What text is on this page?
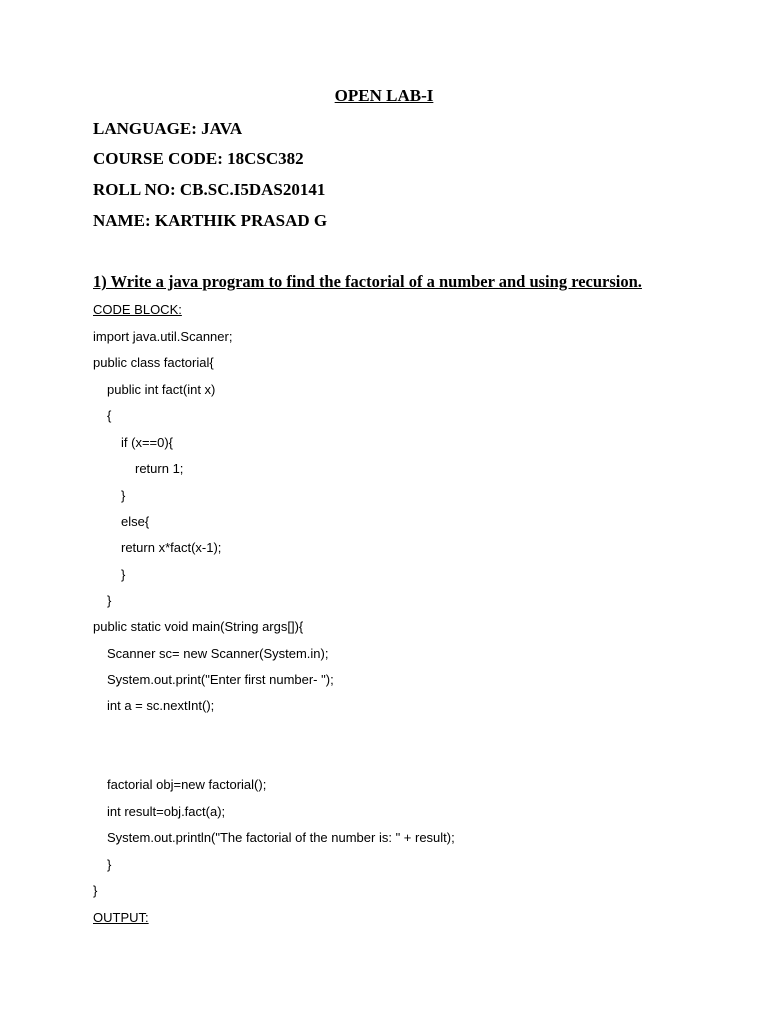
OPEN LAB-I
LANGUAGE: JAVA
COURSE CODE: 18CSC382
ROLL NO: CB.SC.I5DAS20141
NAME: KARTHIK PRASAD G
1) Write a java program to find the factorial of a number and using recursion.
CODE BLOCK:
import java.util.Scanner;
public class factorial{
public int fact(int x)
{
if (x==0){
return 1;
}
else{
return x*fact(x-1);
}
}
public static void main(String args[]){
Scanner sc= new Scanner(System.in);
System.out.print("Enter first number- ");
int a = sc.nextInt();
factorial obj=new factorial();
int result=obj.fact(a);
System.out.println("The factorial of the number is: " + result);
}
}
OUTPUT:
